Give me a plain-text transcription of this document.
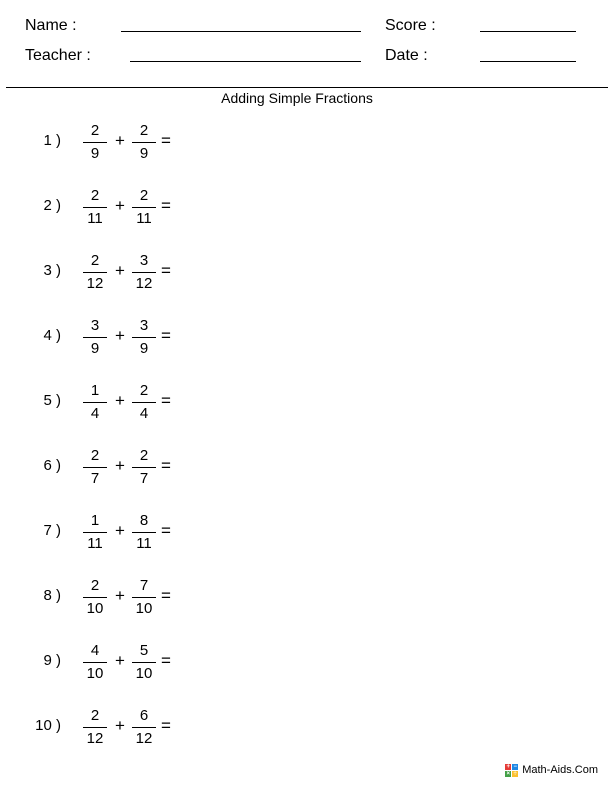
Name :	Score :
Teacher :	Date :
Adding Simple Fractions
1 )
2
9
+
2
9
=
2 )
2
11
+
2
11
=
3 )
2
12
+
3
12
=
4 )
3
9
+
3
9
=
5 )
1
4
+
2
4
=
6 )
2
7
+
2
7
=
7 )
1
11
+
8
11
=
8 )
2
10
+
7
10
=
9 )
4
10
+
5
10
=
10 )
2
12
+
6
12
=
+ −
× ÷ Math-Aids.Com
